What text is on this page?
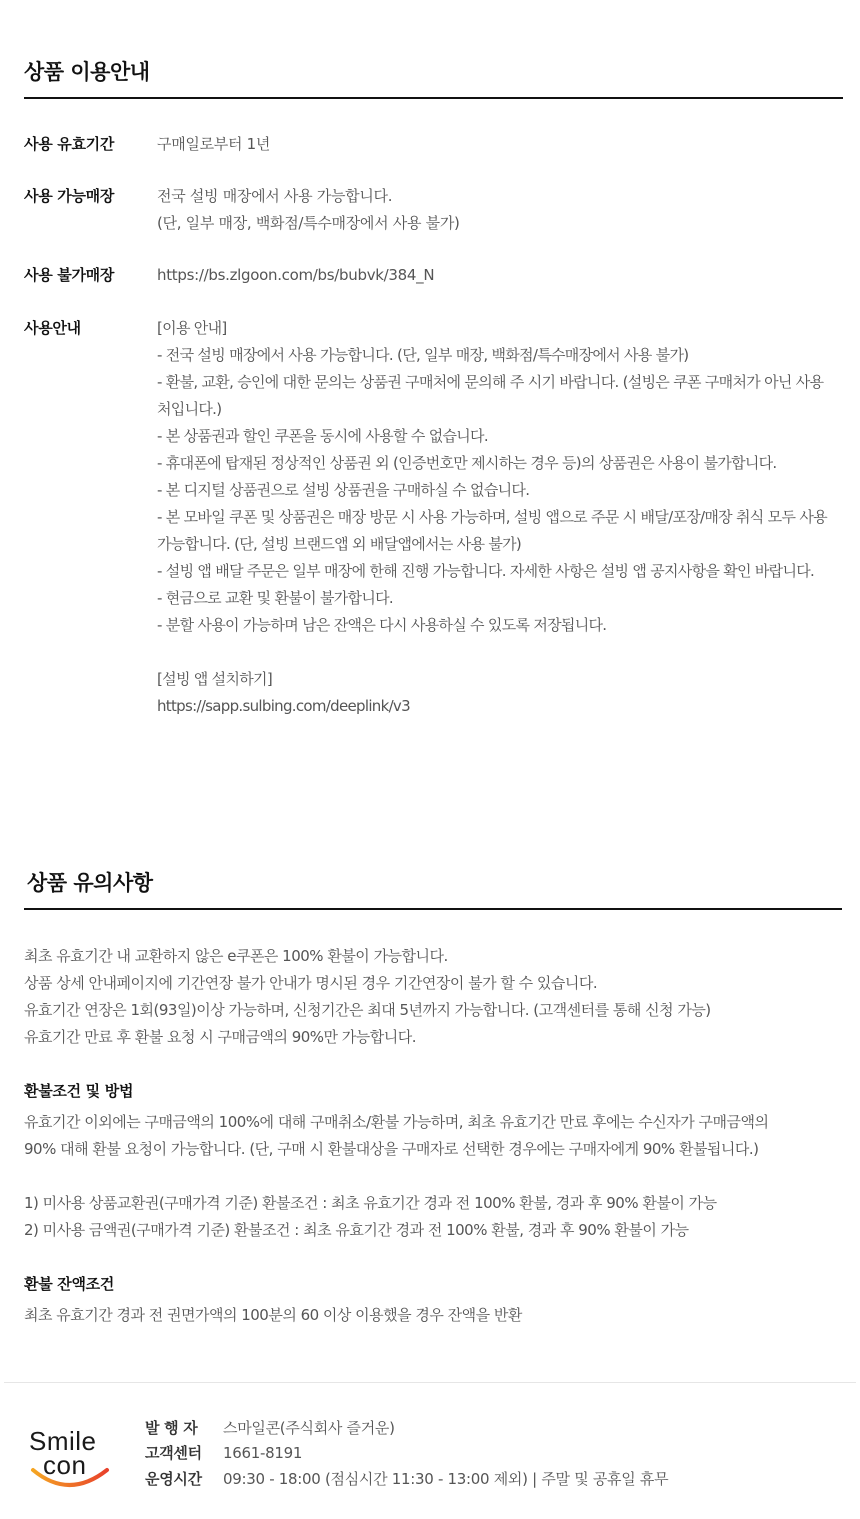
상품 이용안내
사용 유효기간	구매일로부터 1년
사용 가능매장	전국 설빙 매장에서 사용 가능합니다.
(단, 일부 매장, 백화점/특수매장에서 사용 불가)
사용 불가매장	https://bs.zlgoon.com/bs/bubvk/384_N
사용안내	[이용 안내]
- 전국 설빙 매장에서 사용 가능합니다. (단, 일부 매장, 백화점/특수매장에서 사용 불가)
- 환불, 교환, 승인에 대한 문의는 상품권 구매처에 문의해 주 시기 바랍니다. (설빙은 쿠폰 구매처가 아닌 사용처입니다.)
- 본 상품권과 할인 쿠폰을 동시에 사용할 수 없습니다.
- 휴대폰에 탑재된 정상적인 상품권 외 (인증번호만 제시하는 경우 등)의 상품권은 사용이 불가합니다.
- 본 디지털 상품권으로 설빙 상품권을 구매하실 수 없습니다.
- 본 모바일 쿠폰 및 상품권은 매장 방문 시 사용 가능하며, 설빙 앱으로 주문 시 배달/포장/매장 취식 모두 사용 가능합니다. (단, 설빙 브랜드앱 외 배달앱에서는 사용 불가)
- 설빙 앱 배달 주문은 일부 매장에 한해 진행 가능합니다. 자세한 사항은 설빙 앱 공지사항을 확인 바랍니다.
- 현금으로 교환 및 환불이 불가합니다.
- 분할 사용이 가능하며 남은 잔액은 다시 사용하실 수 있도록 저장됩니다.
[설빙 앱 설치하기]
https://sapp.sulbing.com/deeplink/v3
상품 유의사항
최초 유효기간 내 교환하지 않은 e쿠폰은 100% 환불이 가능합니다.
상품 상세 안내페이지에 기간연장 불가 안내가 명시된 경우 기간연장이 불가 할 수 있습니다.
유효기간 연장은 1회(93일)이상 가능하며, 신청기간은 최대 5년까지 가능합니다. (고객센터를 통해 신청 가능)
유효기간 만료 후 환불 요청 시 구매금액의 90%만 가능합니다.
환불조건 및 방법
유효기간 이외에는 구매금액의 100%에 대해 구매취소/환불 가능하며, 최초 유효기간 만료 후에는 수신자가 구매금액의
90% 대해 환불 요청이 가능합니다. (단, 구매 시 환불대상을 구매자로 선택한 경우에는 구매자에게 90% 환불됩니다.)
1) 미사용 상품교환권(구매가격 기준) 환불조건 : 최초 유효기간 경과 전 100% 환불, 경과 후 90% 환불이 가능
2) 미사용 금액권(구매가격 기준) 환불조건 : 최초 유효기간 경과 전 100% 환불, 경과 후 90% 환불이 가능
환불 잔액조건
최초 유효기간 경과 전 권면가액의 100분의 60 이상 이용했을 경우 잔액을 반환
Smile
con
발 행 자 스마일콘(주식회사 즐거운)
고객센터 1661-8191
운영시간 09:30 - 18:00 (점심시간 11:30 - 13:00 제외) | 주말 및 공휴일 휴무
